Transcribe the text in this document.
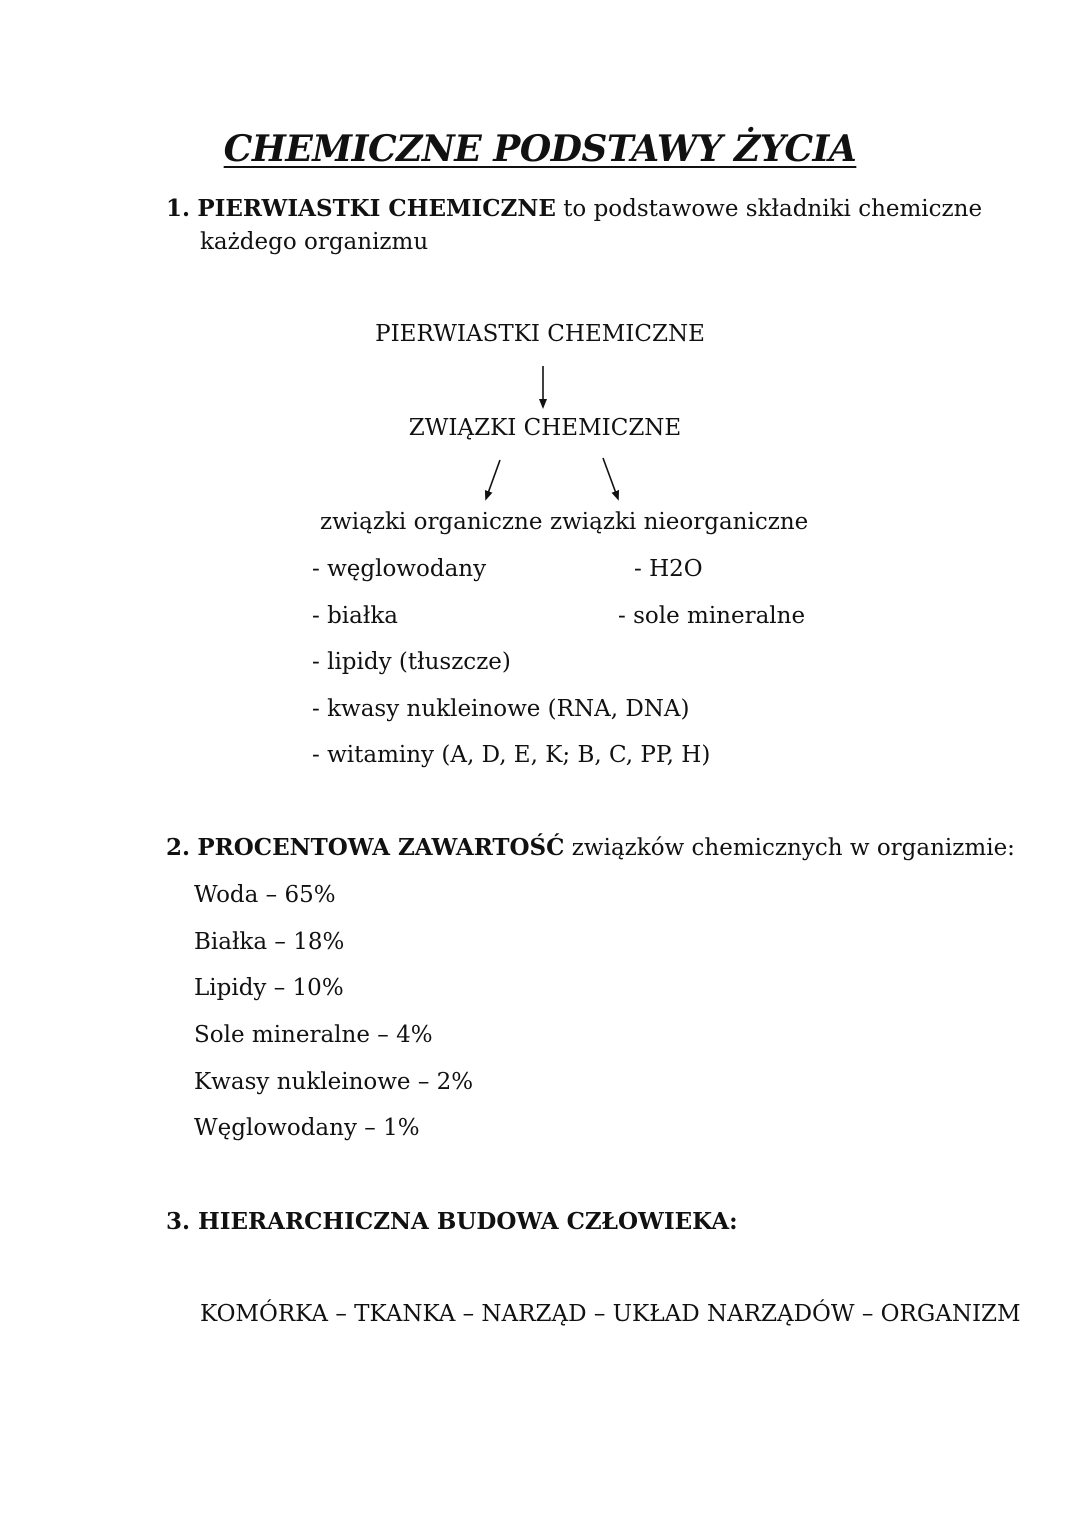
CHEMICZNE PODSTAWY ŻYCIA
1. PIERWIASTKI CHEMICZNE to podstawowe składniki chemiczne
każdego organizmu
PIERWIASTKI CHEMICZNE
ZWIĄZKI CHEMICZNE
związki organiczne związki nieorganiczne
- węglowodany
- białka
- lipidy (tłuszcze)
- kwasy nukleinowe (RNA, DNA)
- witaminy (A, D, E, K; B, C, PP, H)
- H2O
- sole mineralne
2. PROCENTOWA ZAWARTOŚĆ związków chemicznych w organizmie:
Woda – 65%
Białka – 18%
Lipidy – 10%
Sole mineralne – 4%
Kwasy nukleinowe – 2%
Węglowodany – 1%
3. HIERARCHICZNA BUDOWA CZŁOWIEKA:
KOMÓRKA – TKANKA – NARZĄD – UKŁAD NARZĄDÓW – ORGANIZM
